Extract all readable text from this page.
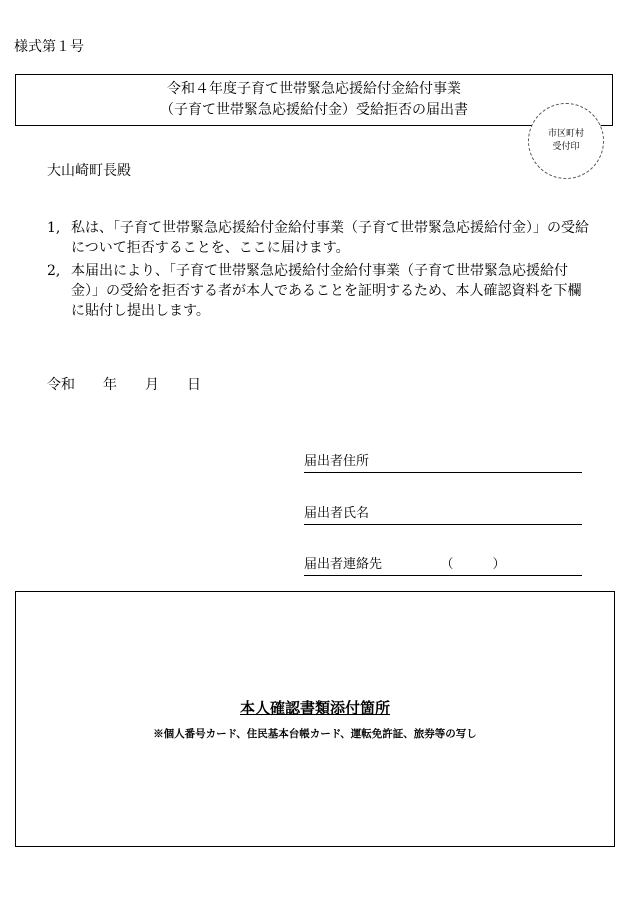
様式第１号
令和４年度子育て世帯緊急応援給付金給付事業
（子育て世帯緊急応援給付金）受給拒否の届出書
市区町村
受付印
大山崎町長殿
1, 私は、「子育て世帯緊急応援給付金給付事業（子育て世帯緊急応援給付金）」の受給について拒否することを、ここに届けます。
2, 本届出により、「子育て世帯緊急応援給付金給付事業（子育て世帯緊急応援給付金）」の受給を拒否する者が本人であることを証明するため、本人確認資料を下欄に貼付し提出します。
令和　　年　　月　　日
届出者住所
届出者氏名
届出者連絡先　　　　　（　　　）
本人確認書類添付箇所
※個人番号カード、住民基本台帳カード、運転免許証、旅券等の写し
